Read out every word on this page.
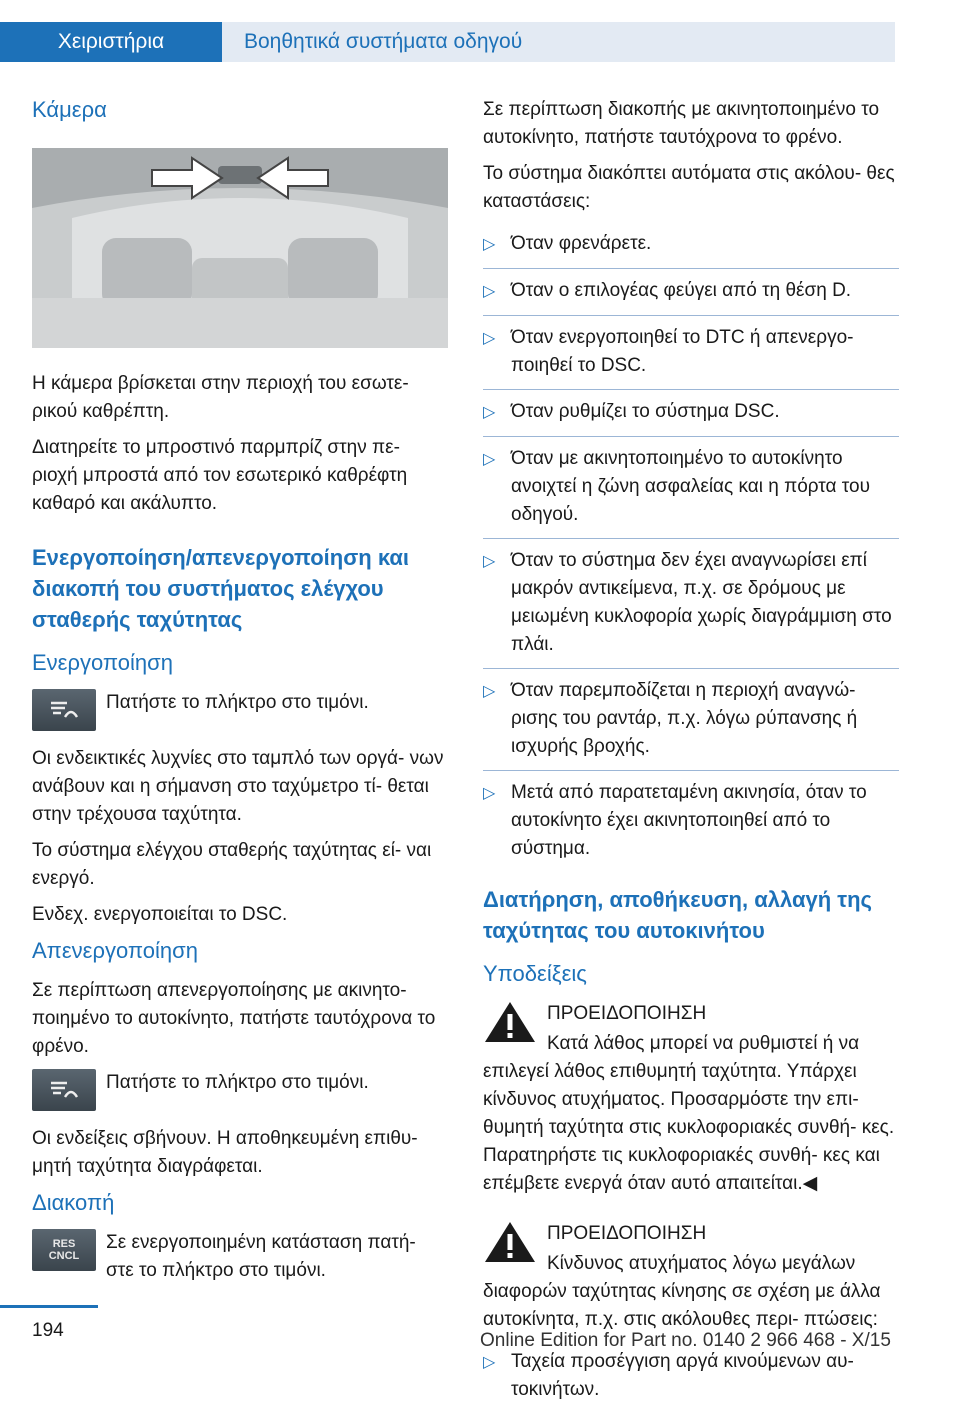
Χειριστήρια	Βοηθητικά συστήματα οδηγού
Κάμερα
Η κάμερα βρίσκεται στην περιοχή του εσωτε‐ ρικού καθρέπτη.
Διατηρείτε το μπροστινό παρμπρίζ στην πε‐ ριοχή μπροστά από τον εσωτερικό καθρέφτη καθαρό και ακάλυπτο.
Ενεργοποίηση/απενεργοποίηση και διακοπή του συστήματος ελέγχου σταθερής ταχύτητας
Ενεργοποίηση
Πατήστε το πλήκτρο στο τιμόνι.
Οι ενδεικτικές λυχνίες στο ταμπλό των οργά‐ νων ανάβουν και η σήμανση στο ταχύμετρο τί‐ θεται στην τρέχουσα ταχύτητα.
Το σύστημα ελέγχου σταθερής ταχύτητας εί‐ ναι ενεργό.
Ενδεχ. ενεργοποιείται το DSC.
Απενεργοποίηση
Σε περίπτωση απενεργοποίησης με ακινητο‐ ποιημένο το αυτοκίνητο, πατήστε ταυτόχρονα το φρένο.
Πατήστε το πλήκτρο στο τιμόνι.
Οι ενδείξεις σβήνουν. Η αποθηκευμένη επιθυ‐ μητή ταχύτητα διαγράφεται.
Διακοπή
RES
CNCL
Σε ενεργοποιημένη κατάσταση πατή‐ στε το πλήκτρο στο τιμόνι.
Σε περίπτωση διακοπής με ακινητοποιημένο το αυτοκίνητο, πατήστε ταυτόχρονα το φρένο.
Το σύστημα διακόπτει αυτόματα στις ακόλου‐ θες καταστάσεις:
▷ Όταν φρενάρετε.
▷ Όταν ο επιλογέας φεύγει από τη θέση D.
▷ Όταν ενεργοποιηθεί το DTC ή απενεργο‐ ποιηθεί το DSC.
▷ Όταν ρυθμίζει το σύστημα DSC.
▷ Όταν με ακινητοποιημένο το αυτοκίνητο ανοιχτεί η ζώνη ασφαλείας και η πόρτα του οδηγού.
▷ Όταν το σύστημα δεν έχει αναγνωρίσει επί μακρόν αντικείμενα, π.χ. σε δρόμους με μειωμένη κυκλοφορία χωρίς διαγράμμιση στο πλάι.
▷ Όταν παρεμποδίζεται η περιοχή αναγνώ‐ ρισης του ραντάρ, π.χ. λόγω ρύπανσης ή ισχυρής βροχής.
▷ Μετά από παρατεταμένη ακινησία, όταν το αυτοκίνητο έχει ακινητοποιηθεί από το σύστημα.
Διατήρηση, αποθήκευση, αλλαγή της ταχύτητας του αυτοκινήτου
Υποδείξεις
ΠΡΟΕΙΔΟΠΟΙΗΣΗ
Κατά λάθος μπορεί να ρυθμιστεί ή να επιλεγεί λάθος επιθυμητή ταχύτητα. Υπάρχει κίνδυνος ατυχήματος. Προσαρμόστε την επι‐ θυμητή ταχύτητα στις κυκλοφοριακές συνθή‐ κες. Παρατηρήστε τις κυκλοφοριακές συνθή‐ κες και επέμβετε ενεργά όταν αυτό απαιτείται.◀
ΠΡΟΕΙΔΟΠΟΙΗΣΗ
Κίνδυνος ατυχήματος λόγω μεγάλων διαφορών ταχύτητας κίνησης σε σχέση με άλλα αυτοκίνητα, π.χ. στις ακόλουθες περι‐ πτώσεις:
▷ Ταχεία προσέγγιση αργά κινούμενων αυ‐ τοκινήτων.
194	Online Edition for Part no. 0140 2 966 468 - X/15
